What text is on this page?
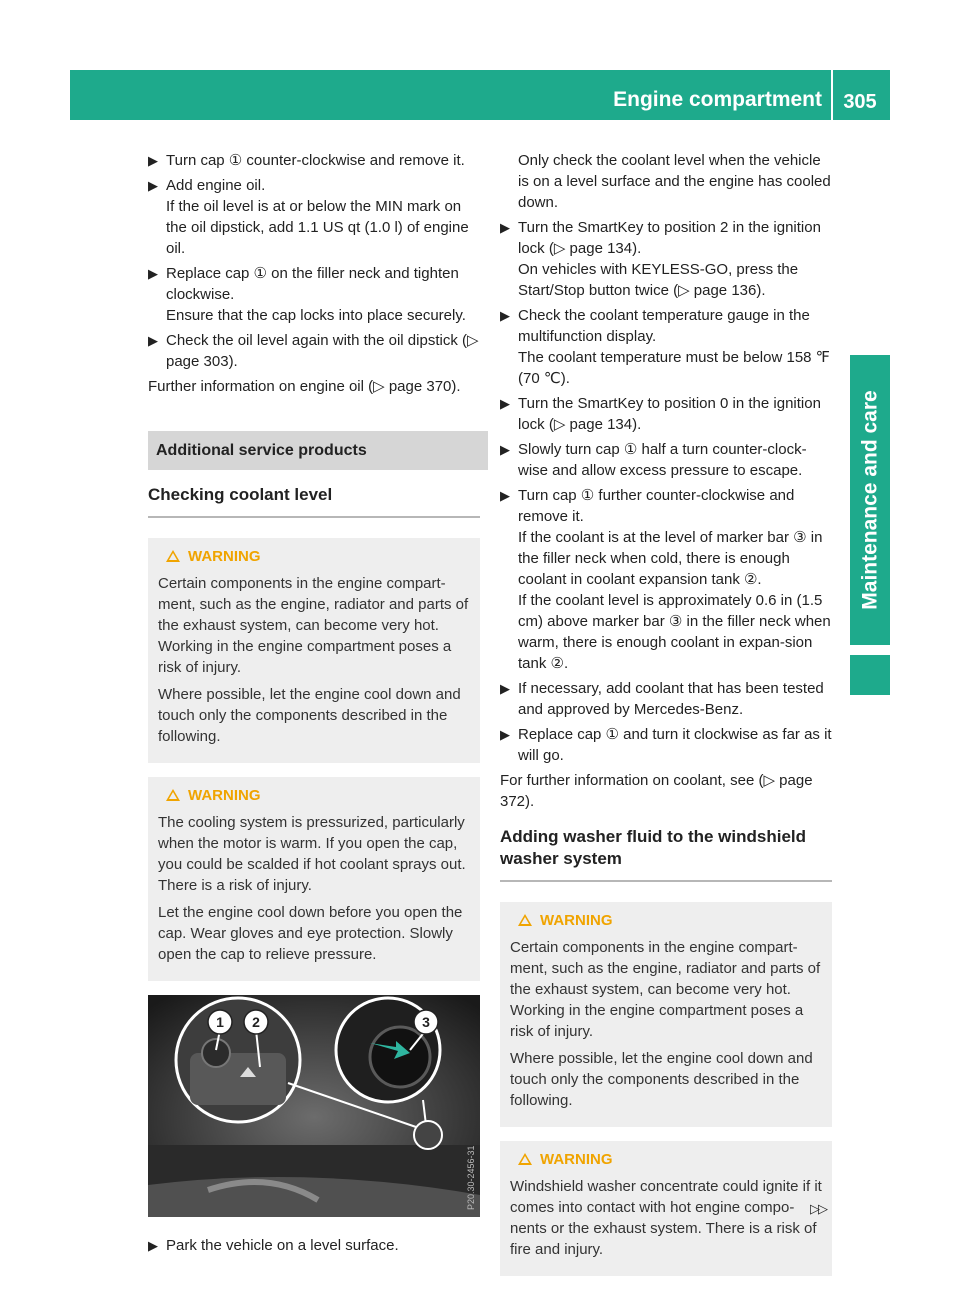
Engine compartment	305
Maintenance and care
▶ Turn cap ① counter-clockwise and remove it.
▶ Add engine oil.
If the oil level is at or below the MIN mark on the oil dipstick, add 1.1 US qt (1.0 l) of engine oil.
▶ Replace cap ① on the filler neck and tighten clockwise.
Ensure that the cap locks into place securely.
▶ Check the oil level again with the oil dipstick (▷ page 303).

Further information on engine oil (▷ page 370).

Additional service products
Checking coolant level
WARNING

Certain components in the engine compart-ment, such as the engine, radiator and parts of the exhaust system, can become very hot. Working in the engine compartment poses a risk of injury.

Where possible, let the engine cool down and touch only the components described in the following.

WARNING

The cooling system is pressurized, particularly when the motor is warm. If you open the cap, you could be scalded if hot coolant sprays out. There is a risk of injury.

Let the engine cool down before you open the cap. Wear gloves and eye protection. Slowly open the cap to relieve pressure.

1 2	3
P20.30-2456-31
▶ Park the vehicle on a level surface.

Only check the coolant level when the vehicle is on a level surface and the engine has cooled down.

▶ Turn the SmartKey to position 2 in the ignition lock (▷ page 134).
On vehicles with KEYLESS-GO, press the Start/Stop button twice (▷ page 136).
▶ Check the coolant temperature gauge in the multifunction display.
The coolant temperature must be below 158 ℉ (70 ℃).
▶ Turn the SmartKey to position 0 in the ignition lock (▷ page 134).
▶ Slowly turn cap ① half a turn counter-clock-wise and allow excess pressure to escape.
▶ Turn cap ① further counter-clockwise and remove it.
If the coolant is at the level of marker bar ③ in the filler neck when cold, there is enough coolant in coolant expansion tank ②.
If the coolant level is approximately 0.6 in (1.5 cm) above marker bar ③ in the filler neck when warm, there is enough coolant in expan-sion tank ②.
▶ If necessary, add coolant that has been tested and approved by Mercedes-Benz.
▶ Replace cap ① and turn it clockwise as far as it will go.

For further information on coolant, see (▷ page 372).

Adding washer fluid to the windshield washer system
WARNING

Certain components in the engine compart-ment, such as the engine, radiator and parts of the exhaust system, can become very hot. Working in the engine compartment poses a risk of injury.

Where possible, let the engine cool down and touch only the components described in the following.

WARNING

Windshield washer concentrate could ignite if it comes into contact with hot engine compo-nents or the exhaust system. There is a risk of fire and injury.

▷▷
